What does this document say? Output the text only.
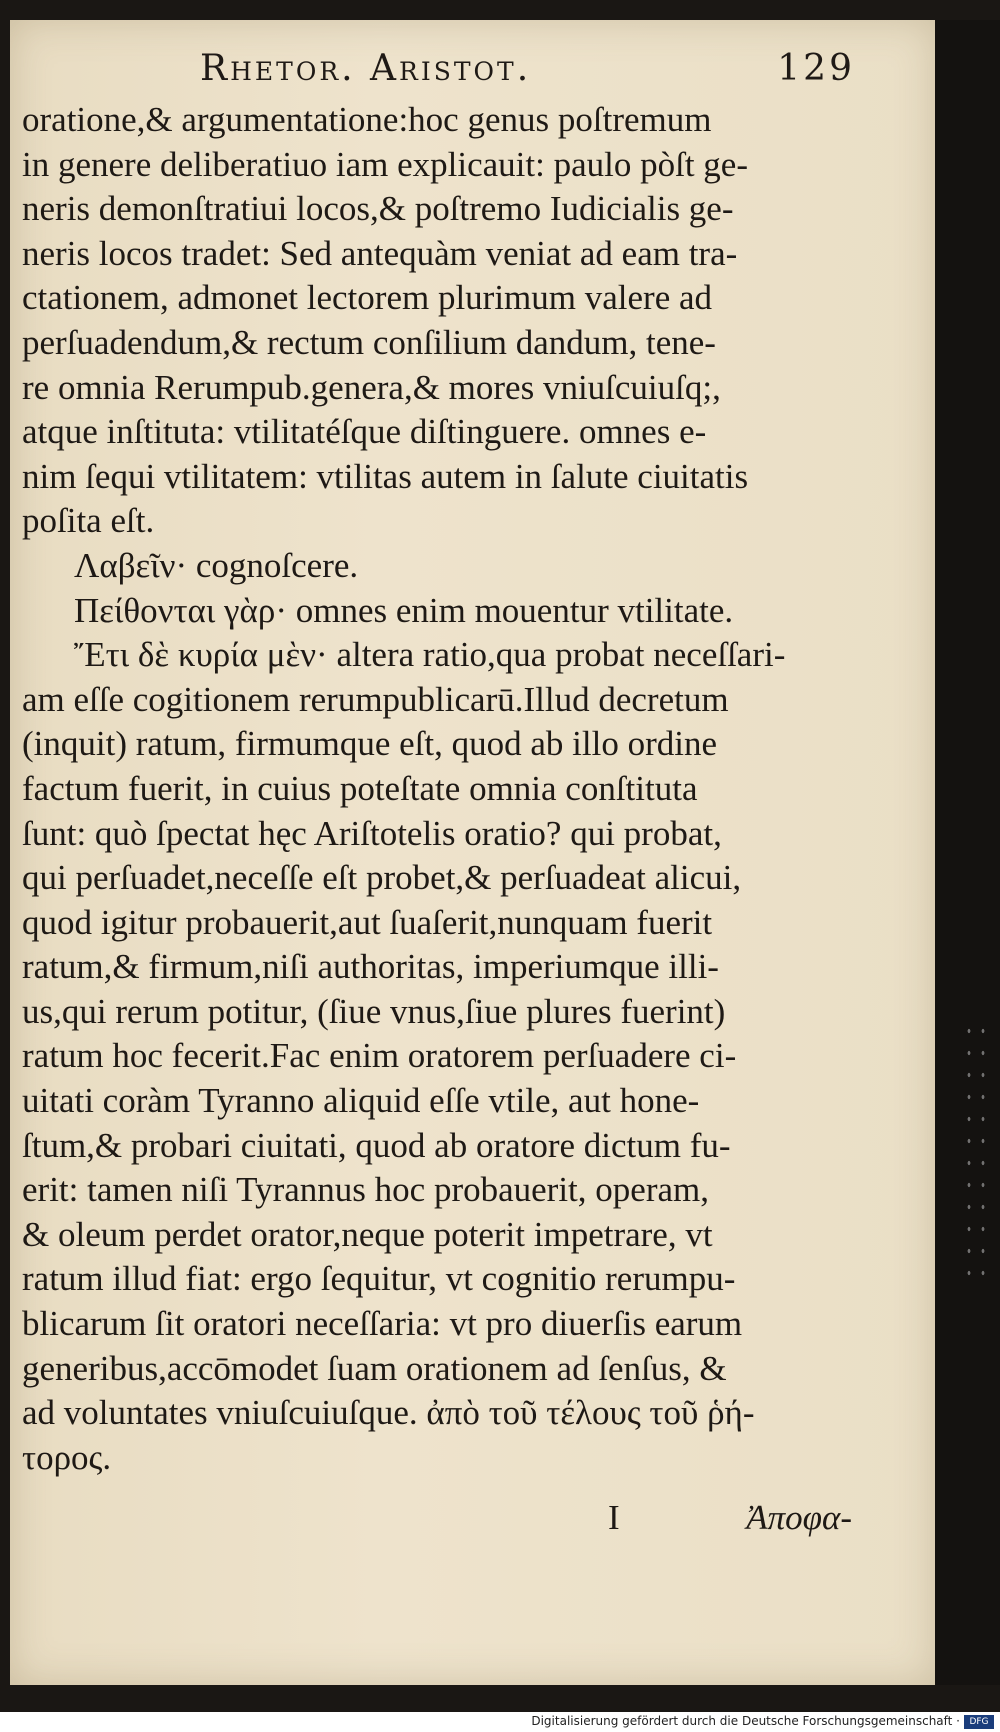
Rhetor. Aristot.	129
oratione,& argumentatione:hoc genus poſtremum
in genere deliberatiuo iam explicauit: paulo pòſt ge-
neris demonſtratiui locos,& poſtremo Iudicialis ge-
neris locos tradet: Sed antequàm veniat ad eam tra-
ctationem, admonet lectorem plurimum valere ad
perſuadendum,& rectum conſilium dandum, tene-
re omnia Rerumpub.genera,& mores vniuſcuiuſq;,
atque inſtituta: vtilitatéſque diſtinguere. omnes e-
nim ſequi vtilitatem: vtilitas autem in ſalute ciuitatis
poſita eſt.
Λαβεῖν· cognoſcere.
Πείθονται γὰρ· omnes enim mouentur vtilitate.
Ἔτι δὲ κυρία μὲν· altera ratio,qua probat neceſſari-
am eſſe cogitionem rerumpublicarū.Illud decretum
(inquit) ratum, firmumque eſt, quod ab illo ordine
factum fuerit, in cuius poteſtate omnia conſtituta
ſunt: quò ſpectat hęc Ariſtotelis oratio? qui probat,
qui perſuadet,neceſſe eſt probet,& perſuadeat alicui,
quod igitur probauerit,aut ſuaſerit,nunquam fuerit
ratum,& firmum,niſi authoritas, imperiumque illi-
us,qui rerum potitur, (ſiue vnus,ſiue plures fuerint)
ratum hoc fecerit.Fac enim oratorem perſuadere ci-
uitati coràm Tyranno aliquid eſſe vtile, aut hone-
ſtum,& probari ciuitati, quod ab oratore dictum fu-
erit: tamen niſi Tyrannus hoc probauerit, operam,
& oleum perdet orator,neque poterit impetrare, vt
ratum illud fiat: ergo ſequitur, vt cognitio rerumpu-
blicarum ſit oratori neceſſaria: vt pro diuerſis earum
generibus,accōmodet ſuam orationem ad ſenſus, &
ad voluntates vniuſcuiuſque. ἀπὸ τοῦ τέλους τοῦ ῥή-
τορος.
I	Ἀποφα-
Digitalisierung gefördert durch die Deutsche Forschungsgemeinschaft ·	DFG
